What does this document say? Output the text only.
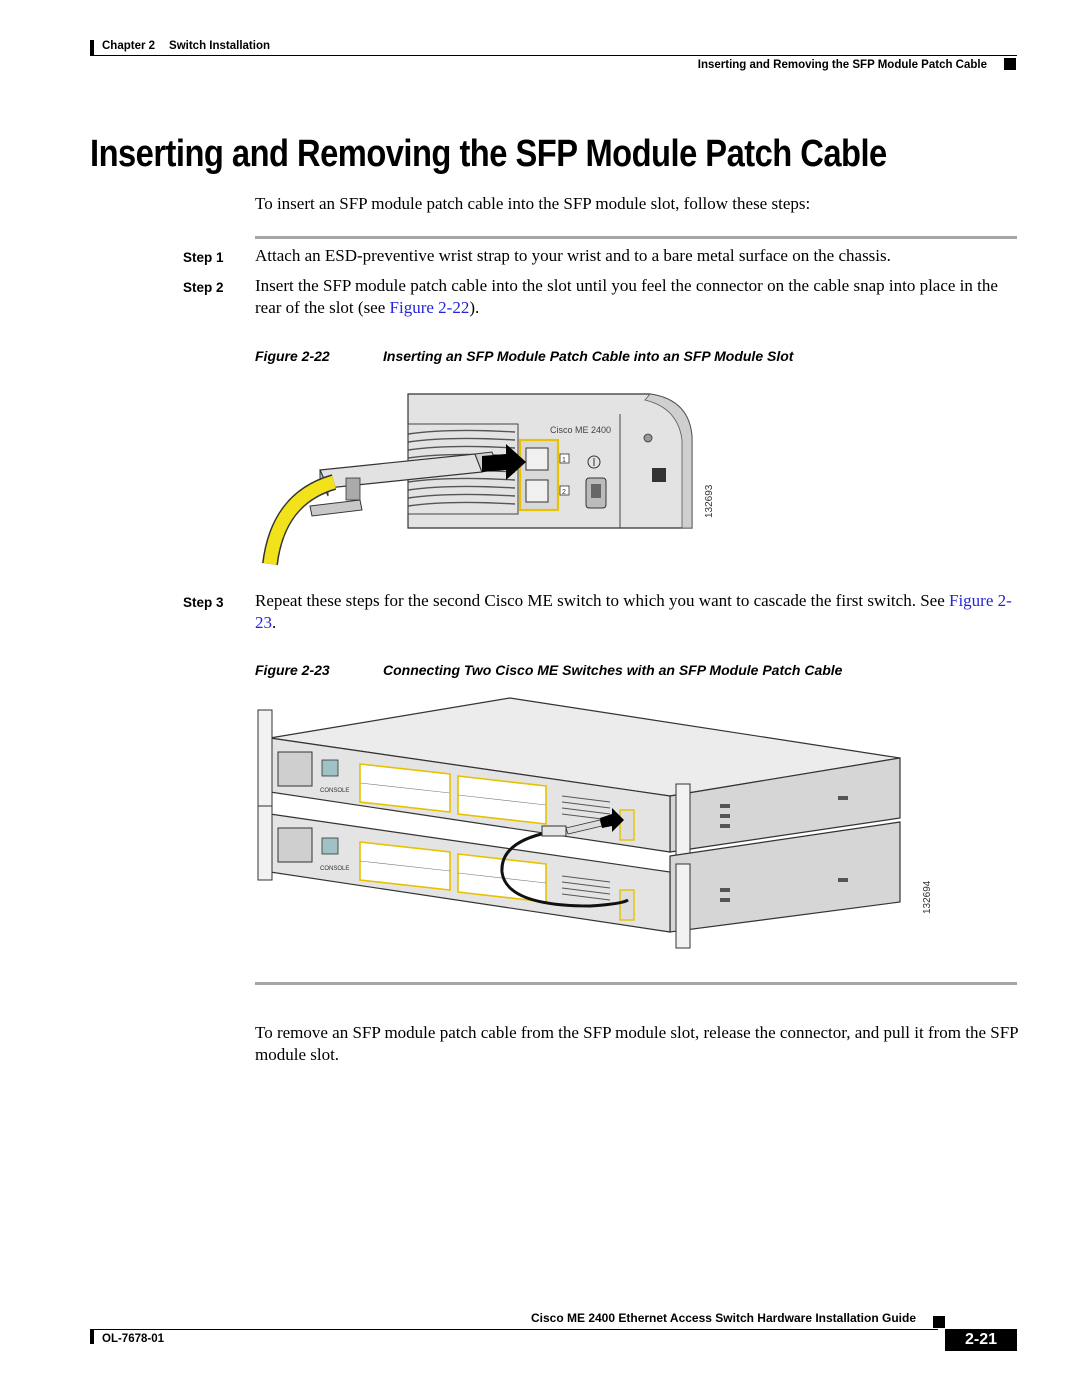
Chapter 2 Switch Installation
Inserting and Removing the SFP Module Patch Cable
Inserting and Removing the SFP Module Patch Cable
To insert an SFP module patch cable into the SFP module slot, follow these steps:
Step 1 Attach an ESD-preventive wrist strap to your wrist and to a bare metal surface on the chassis.
Step 2 Insert the SFP module patch cable into the slot until you feel the connector on the cable snap into place in the rear of the slot (see Figure 2-22).
Figure 2-22	Inserting an SFP Module Patch Cable into an SFP Module Slot
Cisco ME 2400
1
2	132693
Step 3 Repeat these steps for the second Cisco ME switch to which you want to cascade the first switch. See Figure 2-23.
Figure 2-23	Connecting Two Cisco ME Switches with an SFP Module Patch Cable
CONSOLE
CONSOLE
132694
To remove an SFP module patch cable from the SFP module slot, release the connector, and pull it from the SFP module slot.
Cisco ME 2400 Ethernet Access Switch Hardware Installation Guide
OL-7678-01	2-21
